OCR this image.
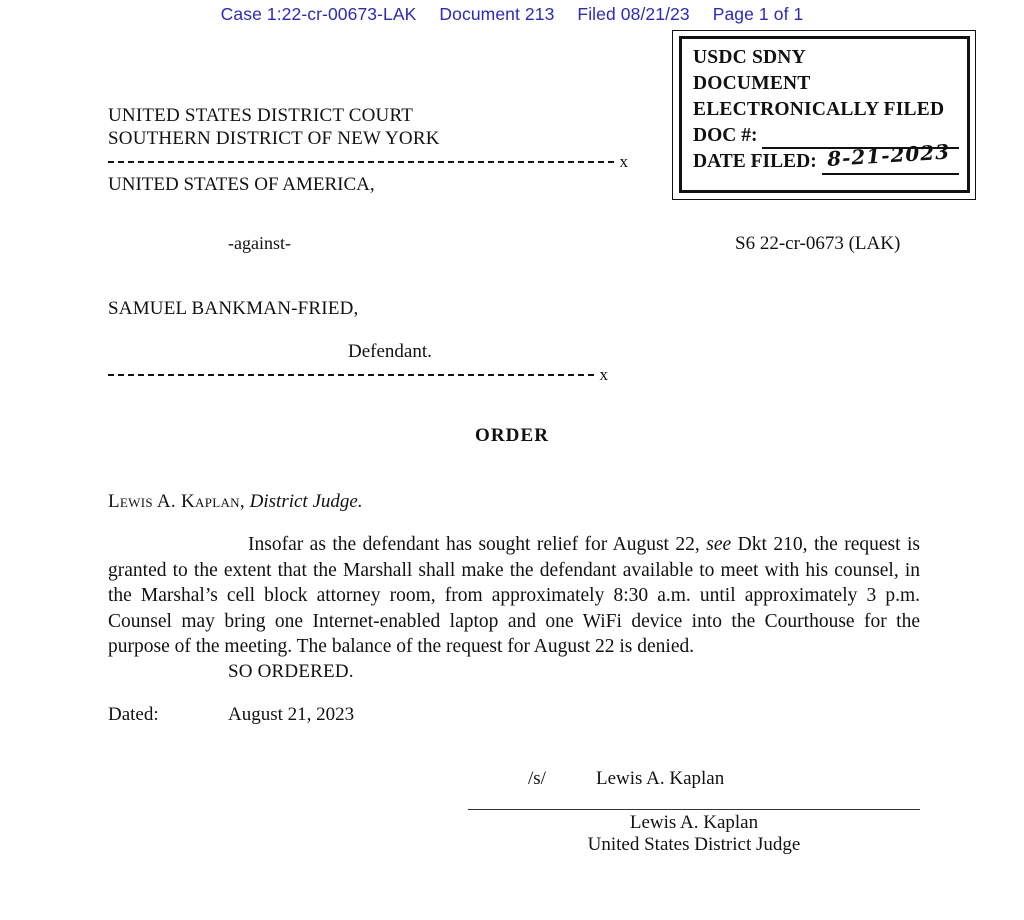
Case 1:22-cr-00673-LAK Document 213 Filed 08/21/23 Page 1 of 1
USDC SDNY
DOCUMENT
ELECTRONICALLY FILED
DOC #:
DATE FILED: 8-21-2023
UNITED STATES DISTRICT COURT
SOUTHERN DISTRICT OF NEW YORK
x
UNITED STATES OF AMERICA,
-against-	S6 22-cr-0673 (LAK)
SAMUEL BANKMAN-FRIED,
Defendant.
x
ORDER
Lewis A. Kaplan, District Judge.
Insofar as the defendant has sought relief for August 22, see Dkt 210, the request is granted to the extent that the Marshall shall make the defendant available to meet with his counsel, in the Marshal’s cell block attorney room, from approximately 8:30 a.m. until approximately 3 p.m. Counsel may bring one Internet-enabled laptop and one WiFi device into the Courthouse for the purpose of the meeting. The balance of the request for August 22 is denied.
SO ORDERED.
Dated:	August 21, 2023
/s/	Lewis A. Kaplan
Lewis A. Kaplan
United States District Judge
